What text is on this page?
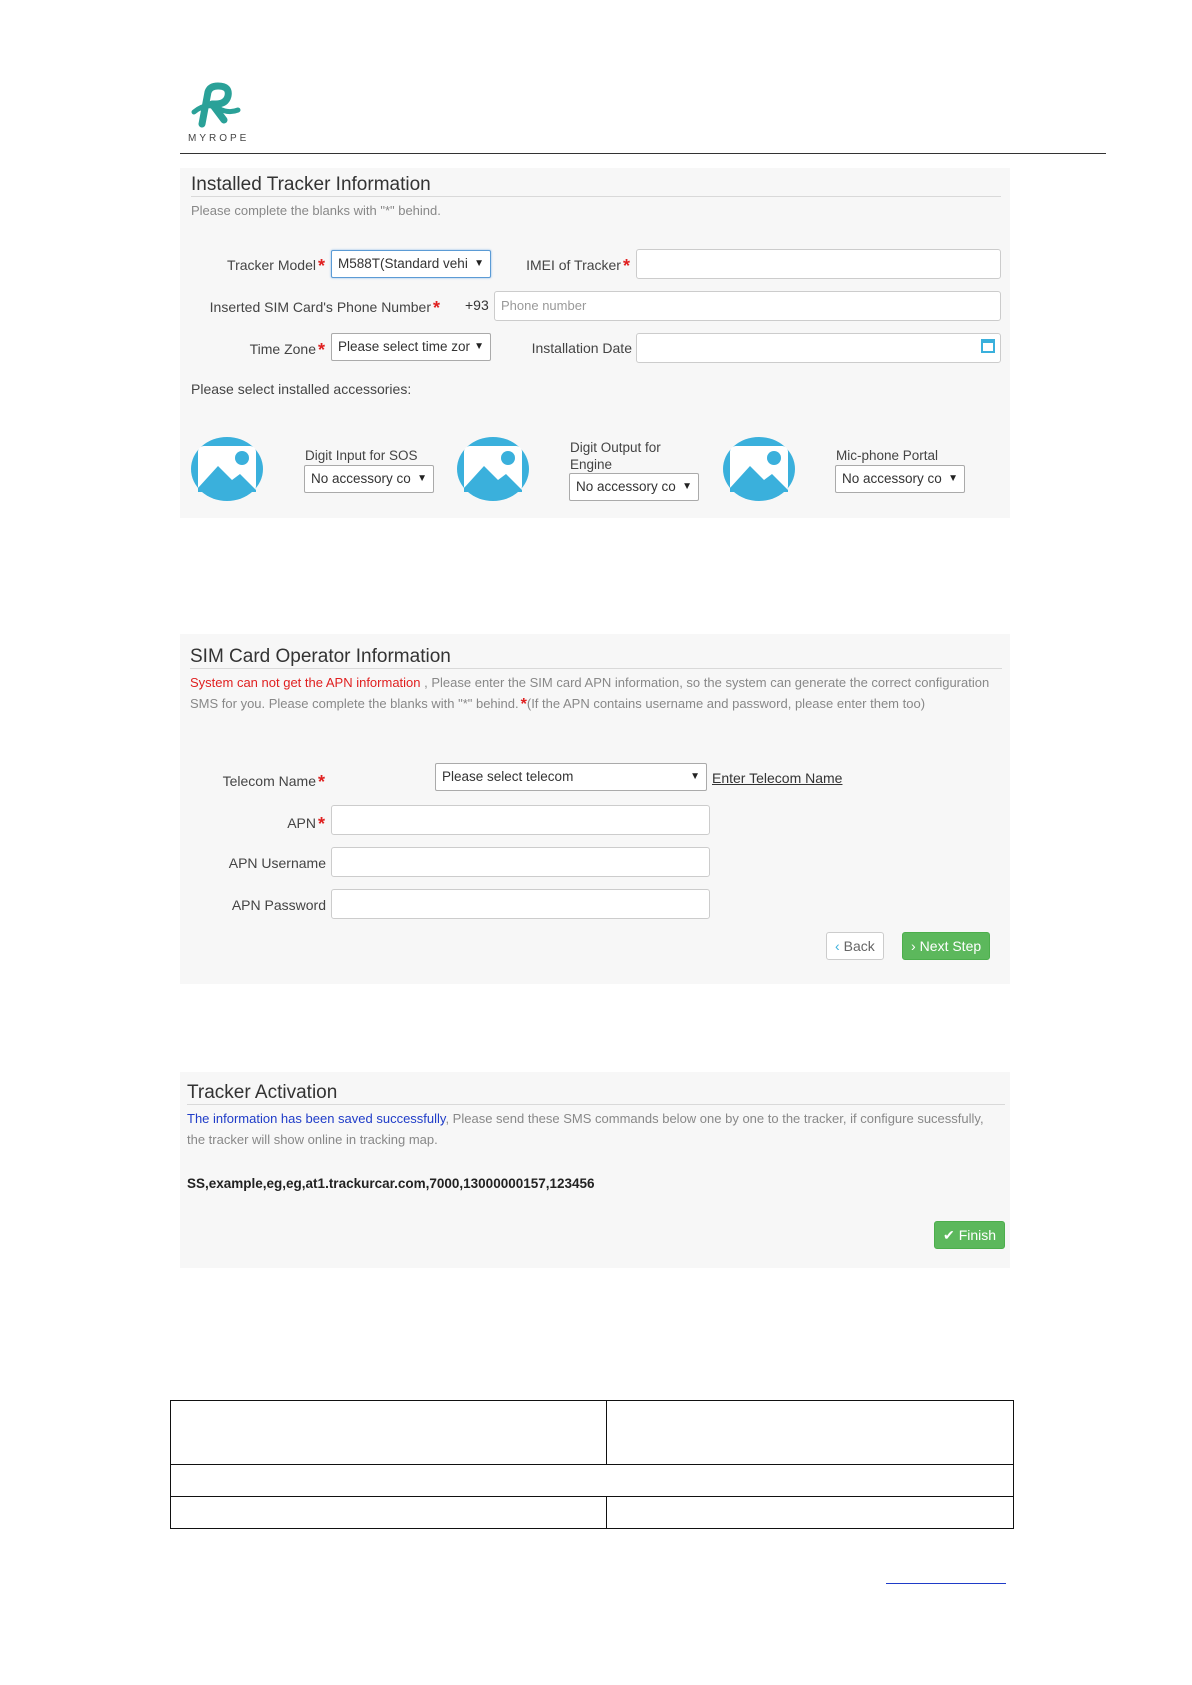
MYROPE
Installed Tracker Information
Please complete the blanks with "*" behind.
Tracker Model * M588T(Standard vehi ▼	IMEI of Tracker *
Inserted SIM Card's Phone Number * +93 Phone number
Time Zone * Please select time zor ▼	Installation Date
Please select installed accessories:
Digit Input for SOS
No accessory co ▼
Digit Output for Engine
No accessory co ▼
Mic-phone Portal
No accessory co ▼
SIM Card Operator Information
System can not get the APN information , Please enter the SIM card APN information, so the system can generate the correct configuration SMS for you. Please complete the blanks with "*" behind. *(If the APN contains username and password, please enter them too)
Telecom Name *	Please select telecom	▼ Enter Telecom Name
APN *
APN Username
APN Password
‹ Back	› Next Step
Tracker Activation
The information has been saved successfully, Please send these SMS commands below one by one to the tracker, if configure sucessfully, the tracker will show online in tracking map.
SS,example,eg,eg,at1.trackurcar.com,7000,13000000157,123456
✔ Finish
